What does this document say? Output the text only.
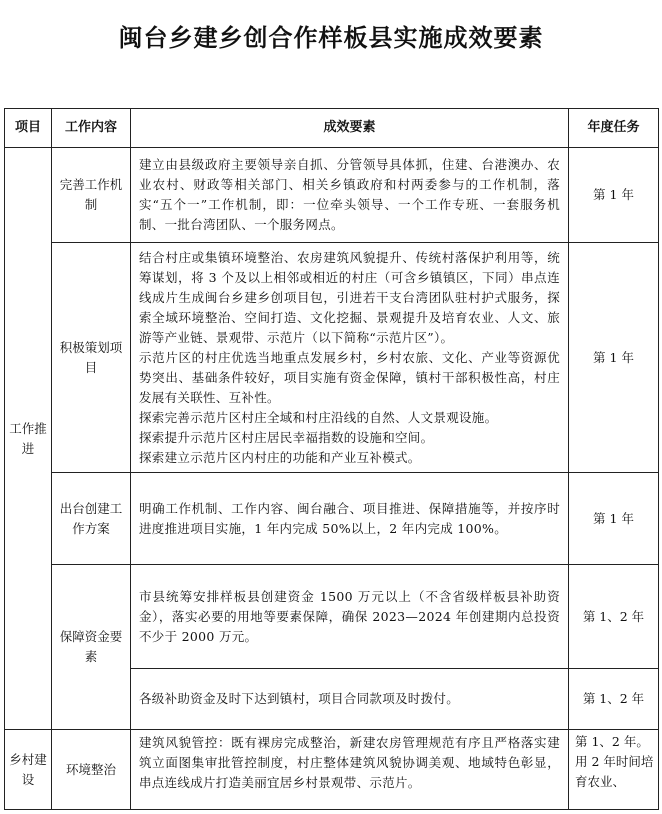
闽台乡建乡创合作样板县实施成效要素
项目	工作内容	成效要素	年度任务
工作推进	完善工作机制	建立由县级政府主要领导亲自抓、分管领导具体抓，住建、台港澳办、农业农村、财政等相关部门、相关乡镇政府和村两委参与的工作机制，落实“五个一”工作机制，即：一位牵头领导、一个工作专班、一套服务机制、一批台湾团队、一个服务网点。	第 1 年
	积极策划项目	结合村庄或集镇环境整治、农房建筑风貌提升、传统村落保护利用等，统筹谋划，将 3 个及以上相邻或相近的村庄（可含乡镇镇区，下同）串点连线成片生成闽台乡建乡创项目包，引进若干支台湾团队驻村护式服务，探索全域环境整治、空间打造、文化挖掘、景观提升及培育农业、人文、旅游等产业链、景观带、示范片（以下简称“示范片区”）。

示范片区的村庄优选当地重点发展乡村，乡村农旅、文化、产业等资源优势突出、基础条件较好，项目实施有资金保障，镇村干部积极性高，村庄发展有关联性、互补性。

探索完善示范片区村庄全域和村庄沿线的自然、人文景观设施。

探索提升示范片区村庄居民幸福指数的设施和空间。

探索建立示范片区内村庄的功能和产业互补模式。	第 1 年
	出台创建工作方案	明确工作机制、工作内容、闽台融合、项目推进、保障措施等，并按序时进度推进项目实施，1 年内完成 50%以上，2 年内完成 100%。	第 1 年
	保障资金要素	市县统筹安排样板县创建资金 1500 万元以上（不含省级样板县补助资金），落实必要的用地等要素保障，确保 2023—2024 年创建期内总投资不少于 2000 万元。	第 1、2 年

		各级补助资金及时下达到镇村，项目合同款项及时拨付。	第 1、2 年
乡村建设	环境整治	建筑风貌管控：既有裸房完成整治，新建农房管理规范有序且严格落实建筑立面图集审批管控制度，村庄整体建筑风貌协调美观、地域特色彰显，串点连线成片打造美丽宜居乡村景观带、示范片。	第 1、2 年。用 2 年时间培育农业、
